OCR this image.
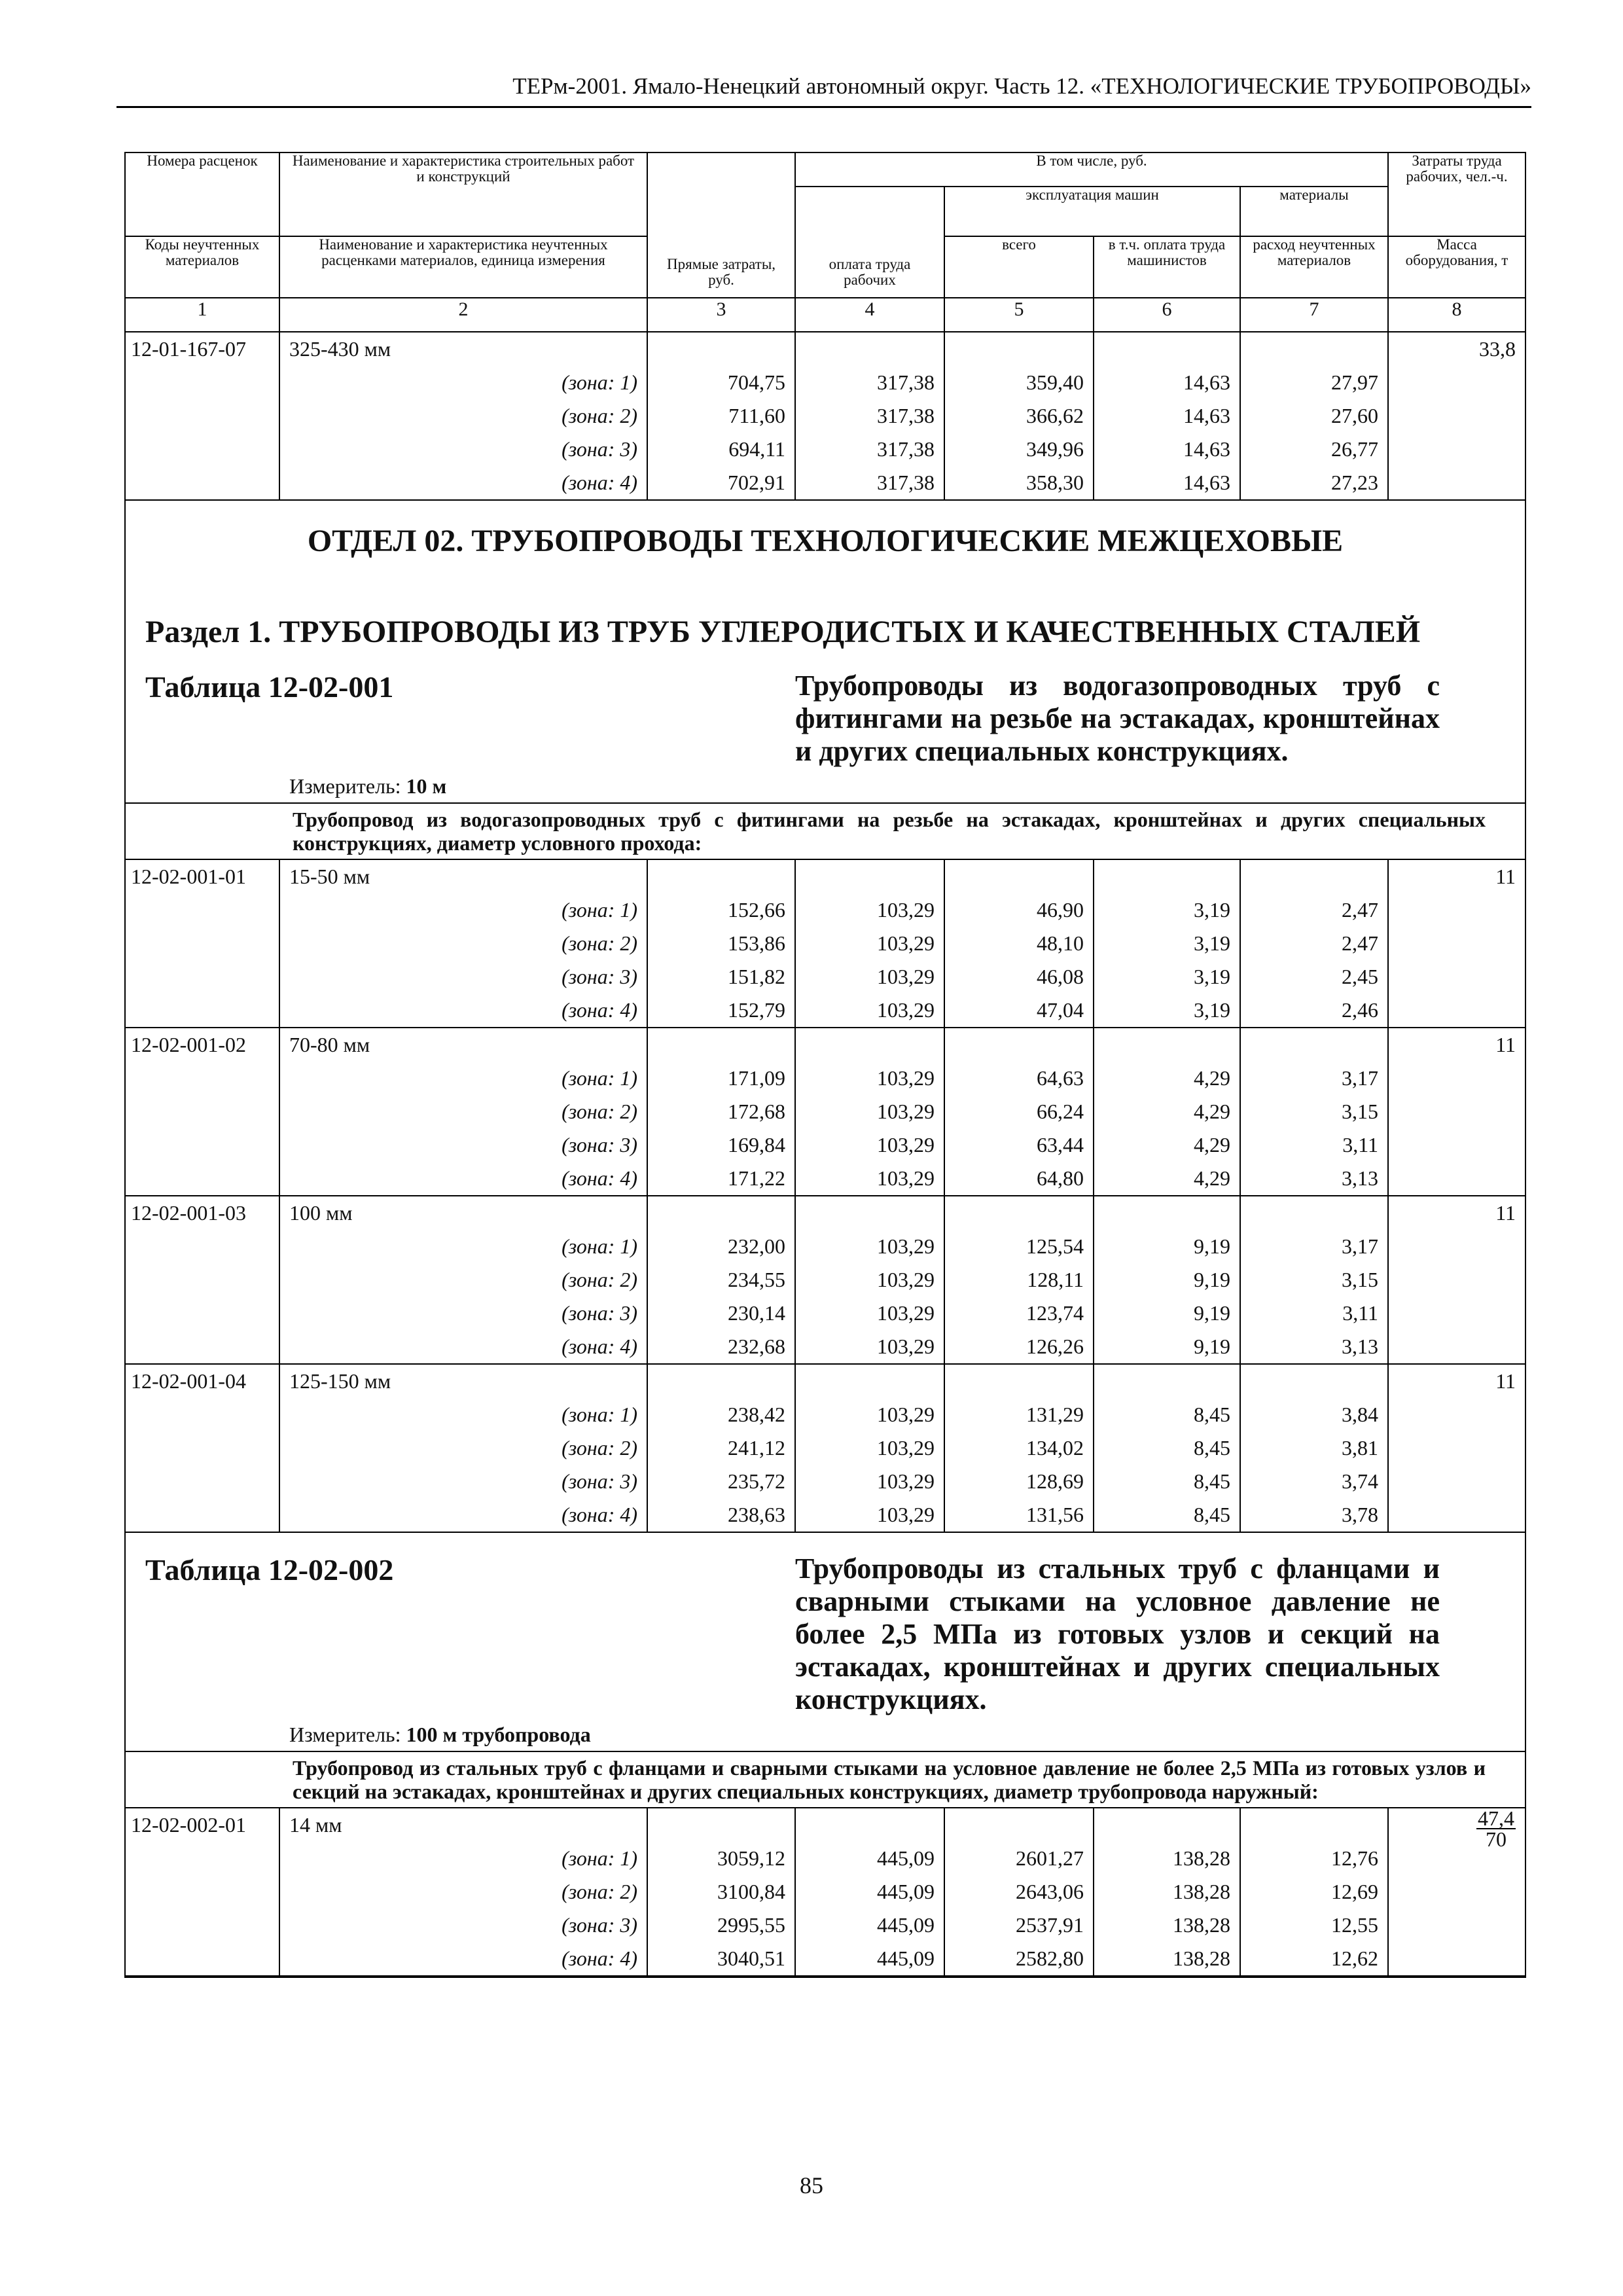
ТЕРм-2001. Ямало-Ненецкий автономный округ. Часть 12. «ТЕХНОЛОГИЧЕСКИЕ ТРУБОПРОВОДЫ»
Номера расценок	Наименование и характеристика строительных работ и конструкций	Прямые затраты, руб.	В том числе, руб.				Затраты труда рабочих, чел.-ч.
			оплата труда рабочих	эксплуатация машин		материалы	
Коды неучтенных материалов	Наименование и характеристика неучтенных расценками материалов, единица измерения			всего	в т.ч. оплата труда машинистов	расход неучтенных материалов	Масса оборудования, т
1	2	3	4	5	6	7	8
12-01-167-07	325-430 мм						33,8
	(зона: 1)	704,75	317,38	359,40	14,63	27,97	
	(зона: 2)	711,60	317,38	366,62	14,63	27,60	
	(зона: 3)	694,11	317,38	349,96	14,63	26,77	
	(зона: 4)	702,91	317,38	358,30	14,63	27,23	
ОТДЕЛ 02. ТРУБОПРОВОДЫ ТЕХНОЛОГИЧЕСКИЕ МЕЖЦЕХОВЫЕ							
Раздел 1. ТРУБОПРОВОДЫ ИЗ ТРУБ УГЛЕРОДИСТЫХ И КАЧЕСТВЕННЫХ СТАЛЕЙ							
Таблица 12-02-001			Трубопроводы из водогазопроводных труб с фитингами на резьбе на эстакадах, кронштейнах и других специальных конструкциях.				
Измеритель: 10 м							
	Трубопровод из водогазопроводных труб с фитингами на резьбе на эстакадах, кронштейнах и других специальных конструкциях, диаметр условного прохода:						
12-02-001-01	15-50 мм						11
	(зона: 1)	152,66	103,29	46,90	3,19	2,47	
	(зона: 2)	153,86	103,29	48,10	3,19	2,47	
	(зона: 3)	151,82	103,29	46,08	3,19	2,45	
	(зона: 4)	152,79	103,29	47,04	3,19	2,46	
12-02-001-02	70-80 мм						11
	(зона: 1)	171,09	103,29	64,63	4,29	3,17	
	(зона: 2)	172,68	103,29	66,24	4,29	3,15	
	(зона: 3)	169,84	103,29	63,44	4,29	3,11	
	(зона: 4)	171,22	103,29	64,80	4,29	3,13	
12-02-001-03	100 мм						11
	(зона: 1)	232,00	103,29	125,54	9,19	3,17	
	(зона: 2)	234,55	103,29	128,11	9,19	3,15	
	(зона: 3)	230,14	103,29	123,74	9,19	3,11	
	(зона: 4)	232,68	103,29	126,26	9,19	3,13	
12-02-001-04	125-150 мм						11
	(зона: 1)	238,42	103,29	131,29	8,45	3,84	
	(зона: 2)	241,12	103,29	134,02	8,45	3,81	
	(зона: 3)	235,72	103,29	128,69	8,45	3,74	
	(зона: 4)	238,63	103,29	131,56	8,45	3,78	
Таблица 12-02-002			Трубопроводы из стальных труб с фланцами и сварными стыками на условное давление не более 2,5 МПа из готовых узлов и секций на эстакадах, кронштейнах и других специальных конструкциях.				
Измеритель: 100 м трубопровода							
	Трубопровод из стальных труб с фланцами и сварными стыками на условное давление не более 2,5 МПа из готовых узлов и секций на эстакадах, кронштейнах и других специальных конструкциях, диаметр трубопровода наружный:						
12-02-002-01	14 мм						$\frac{47,4}{70}$

	(зона: 1)	3059,12	445,09	2601,27	138,28	12,76	
	(зона: 2)	3100,84	445,09	2643,06	138,28	12,69	
	(зона: 3)	2995,55	445,09	2537,91	138,28	12,55	
	(зона: 4)	3040,51	445,09	2582,80	138,28	12,62	
85
